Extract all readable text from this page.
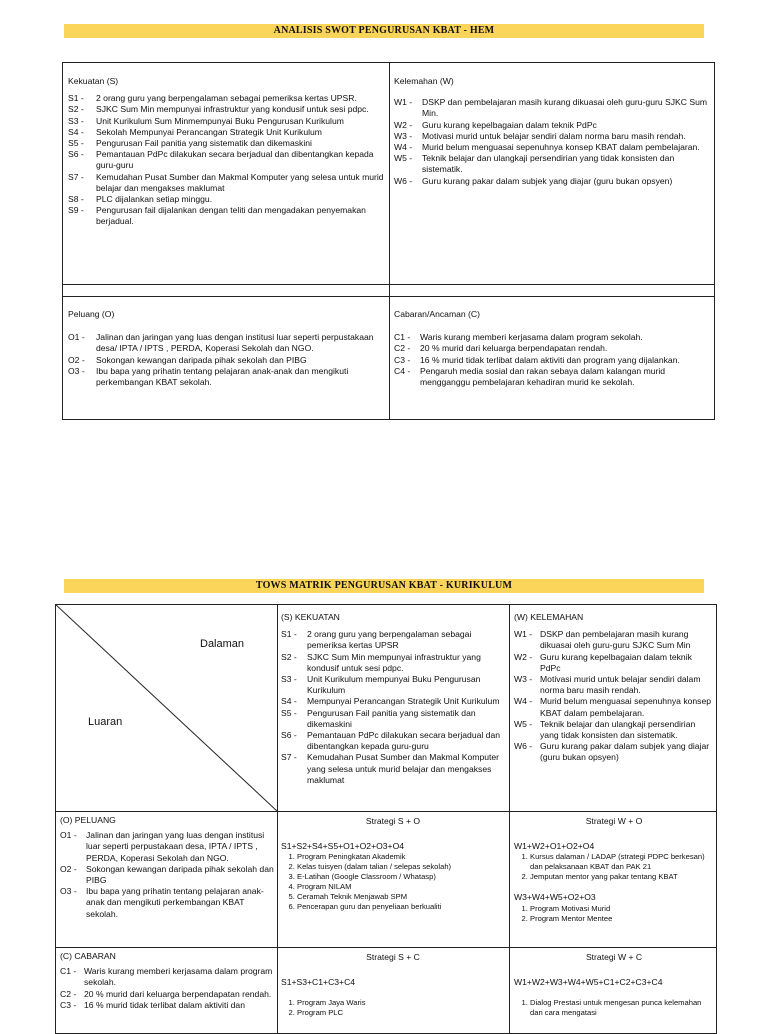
ANALISIS SWOT PENGURUSAN KBAT - HEM
Kekuatan (S)
S1 -	2 orang guru yang berpengalaman sebagai pemeriksa kertas UPSR.
S2 -	SJKC Sum Min mempunyai infrastruktur yang kondusif untuk sesi pdpc.
S3 -	Unit Kurikulum Sum Minmempunyai Buku Pengurusan Kurikulum
S4 -	Sekolah Mempunyai Perancangan Strategik Unit Kurikulum
S5 -	Pengurusan Fail panitia yang sistematik dan dikemaskini
S6 -	Pemantauan PdPc dilakukan secara berjadual dan dibentangkan kepada guru-guru
S7 -	Kemudahan Pusat Sumber dan Makmal Komputer yang selesa untuk murid belajar dan mengakses maklumat
S8 -	PLC dijalankan setiap minggu.
S9 -	Pengurusan fail dijalankan dengan teliti dan mengadakan penyemakan berjadual.
Kelemahan (W)
W1 -	DSKP dan pembelajaran masih kurang dikuasai oleh guru-guru SJKC Sum Min.
W2 -	Guru kurang kepelbagaian dalam teknik PdPc
W3 -	Motivasi murid untuk belajar sendiri dalam norma baru masih rendah.
W4 -	Murid belum menguasai sepenuhnya konsep KBAT dalam pembelajaran.
W5 -	Teknik belajar dan ulangkaji persendirian yang tidak konsisten dan sistematik.
W6 -	Guru kurang pakar dalam subjek yang diajar (guru bukan opsyen)
Peluang (O)
O1 -	Jalinan dan jaringan yang luas dengan institusi luar seperti perpustakaan desa/ IPTA / IPTS , PERDA, Koperasi Sekolah dan NGO.
O2 -	Sokongan kewangan daripada pihak sekolah dan PIBG
O3 -	Ibu bapa yang prihatin tentang pelajaran anak-anak dan mengikuti perkembangan KBAT sekolah.
Cabaran/Ancaman (C)
C1 -	Waris kurang memberi kerjasama dalam program sekolah.
C2 -	20 % murid dari keluarga berpendapatan rendah.
C3 -	16 % murid tidak terlibat dalam aktiviti dan program yang dijalankan.
C4 -	Pengaruh media sosial dan rakan sebaya dalam kalangan murid mengganggu pembelajaran kehadiran murid ke sekolah.
TOWS MATRIK PENGURUSAN KBAT - KURIKULUM
Dalaman
Luaran
(S) KEKUATAN
S1 -	2 orang guru yang berpengalaman sebagai pemeriksa kertas UPSR
S2 -	SJKC Sum Min mempunyai infrastruktur yang kondusif untuk sesi pdpc.
S3 -	Unit Kurikulum mempunyai Buku Pengurusan Kurikulum
S4 -	Mempunyai Perancangan Strategik Unit Kurikulum
S5 -	Pengurusan Fail panitia yang sistematik dan dikemaskini
S6 -	Pemantauan PdPc dilakukan secara berjadual dan dibentangkan kepada guru-guru
S7 -	Kemudahan Pusat Sumber dan Makmal Komputer yang selesa untuk murid belajar dan mengakses maklumat
(W) KELEMAHAN
W1 - DSKP dan pembelajaran masih kurang dikuasai oleh guru-guru SJKC Sum Min
W2 - Guru kurang kepelbagaian dalam teknik PdPc
W3 - Motivasi murid untuk belajar sendiri dalam norma baru masih rendah.
W4 - Murid belum menguasai sepenuhnya konsep KBAT dalam pembelajaran.
W5 - Teknik belajar dan ulangkaji persendirian yang tidak konsisten dan sistematik.
W6 - Guru kurang pakar dalam subjek yang diajar (guru bukan opsyen)
(O) PELUANG
O1 -	Jalinan dan jaringan yang luas dengan institusi luar seperti perpustakaan desa, IPTA / IPTS , PERDA, Koperasi Sekolah dan NGO.
O2 -	Sokongan kewangan daripada pihak sekolah dan PIBG
O3 -	Ibu bapa yang prihatin tentang pelajaran anak-anak dan mengikuti perkembangan KBAT sekolah.
Strategi S + O
S1+S2+S4+S5+O1+O2+O3+O4
1. Program Peningkatan Akademik
2. Kelas tuisyen (dalam talian / selepas sekolah)
3. E-Latihan (Google Classroom / Whatasp)
4. Program NILAM
5. Ceramah Teknik Menjawab SPM
6. Pencerapan guru dan penyeliaan berkualiti
Strategi W + O
W1+W2+O1+O2+O4
1. Kursus dalaman / LADAP (strategi PDPC berkesan) dan pelaksanaan KBAT dan PAK 21
2. Jemputan mentor yang pakar tentang KBAT
W3+W4+W5+O2+O3
1. Program Motivasi Murid
2. Program Mentor Mentee
(C) CABARAN
C1 - Waris kurang memberi kerjasama dalam program sekolah.
C2 - 20 % murid dari keluarga berpendapatan rendah.
C3 - 16 % murid tidak terlibat dalam aktiviti dan
Strategi S + C
S1+S3+C1+C3+C4
1. Program Jaya Waris
2. Program PLC
Strategi W + C
W1+W2+W3+W4+W5+C1+C2+C3+C4
1. Dialog Prestasi untuk mengesan punca kelemahan dan cara mengatasi
